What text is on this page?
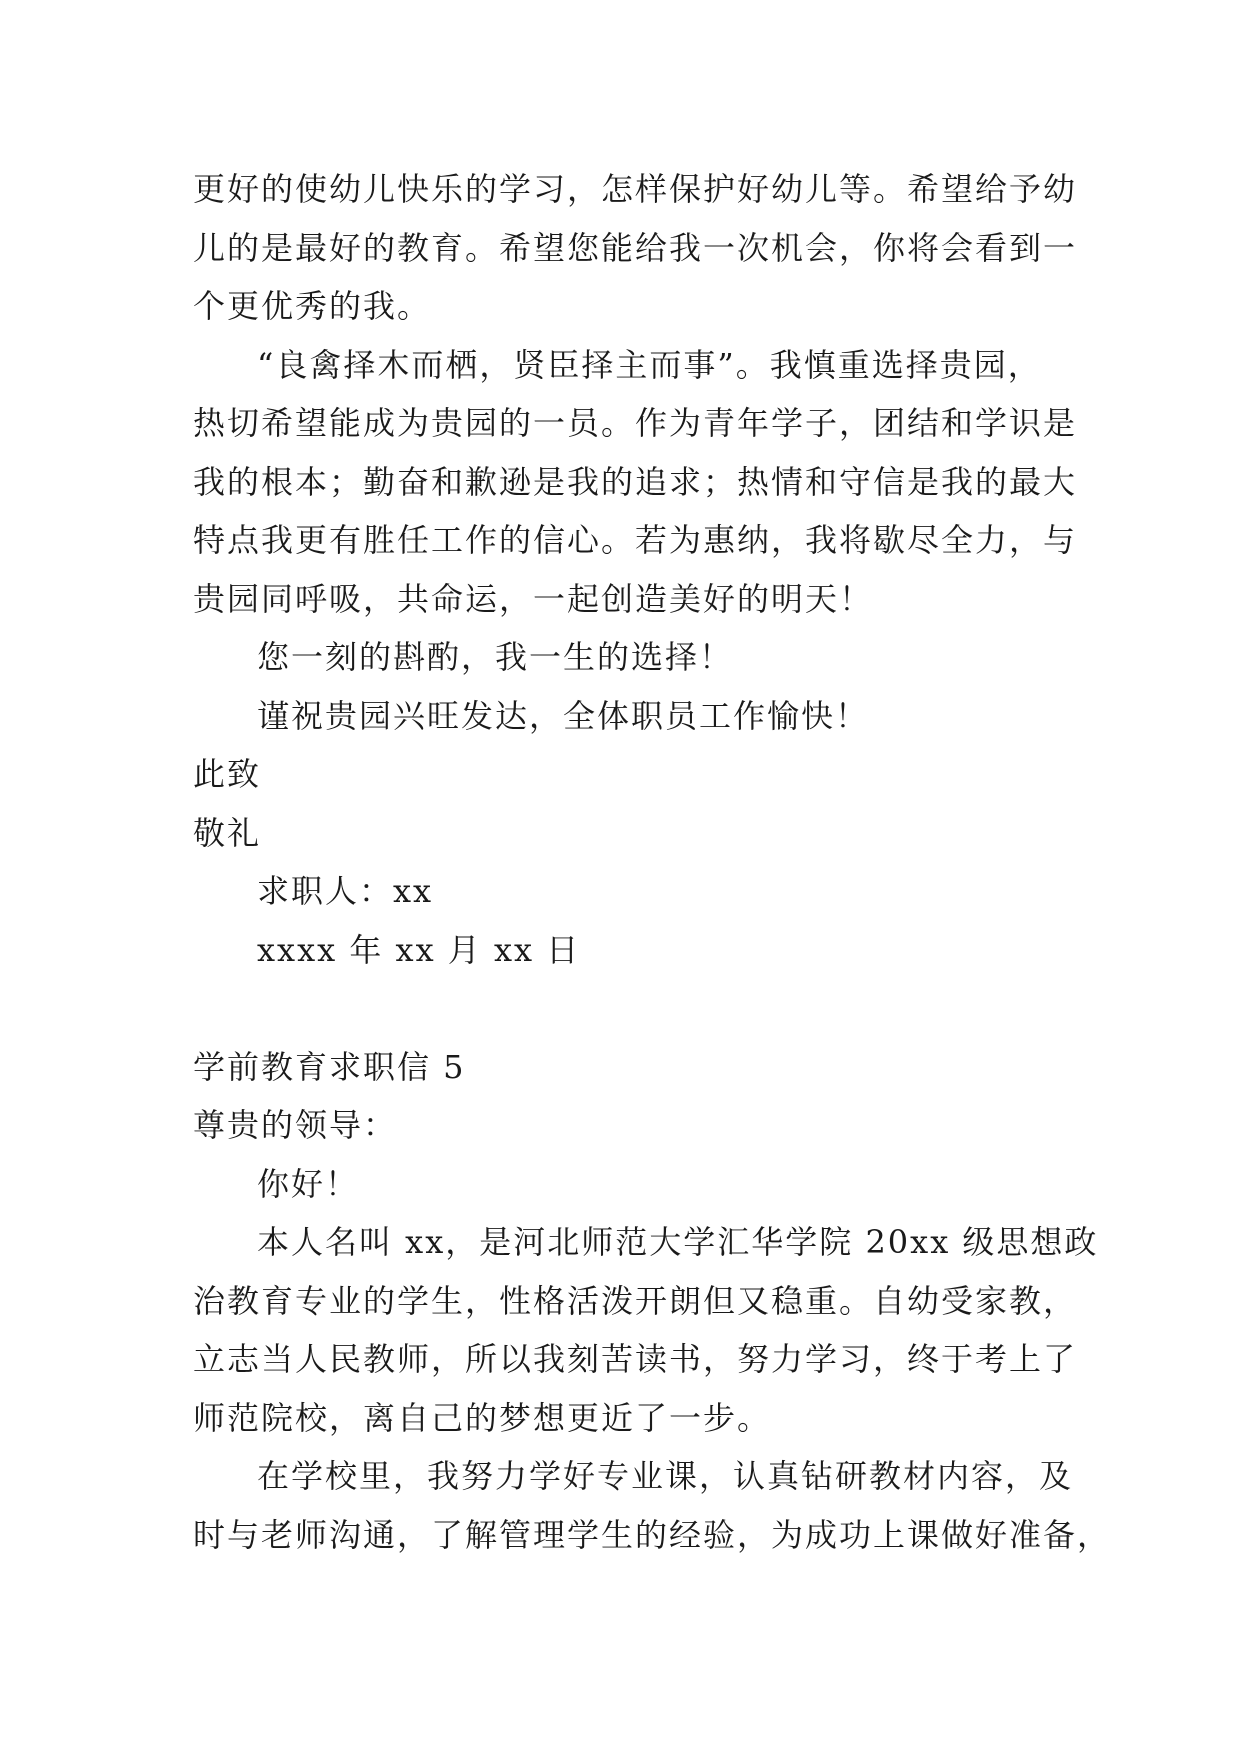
更好的使幼儿快乐的学习，怎样保护好幼儿等。希望给予幼
儿的是最好的教育。希望您能给我一次机会，你将会看到一
个更优秀的我。
“良禽择木而栖，贤臣择主而事”。我慎重选择贵园，
热切希望能成为贵园的一员。作为青年学子，团结和学识是
我的根本；勤奋和歉逊是我的追求；热情和守信是我的最大
特点我更有胜任工作的信心。若为惠纳，我将歇尽全力，与
贵园同呼吸，共命运，一起创造美好的明天！
您一刻的斟酌，我一生的选择！
谨祝贵园兴旺发达，全体职员工作愉快！
此致
敬礼
求职人：xx
xxxx 年 xx 月 xx 日
学前教育求职信 5
尊贵的领导：
你好！
本人名叫 xx，是河北师范大学汇华学院 20xx 级思想政
治教育专业的学生，性格活泼开朗但又稳重。自幼受家教，
立志当人民教师，所以我刻苦读书，努力学习，终于考上了
师范院校，离自己的梦想更近了一步。
在学校里，我努力学好专业课，认真钻研教材内容，及
时与老师沟通，了解管理学生的经验，为成功上课做好准备，
